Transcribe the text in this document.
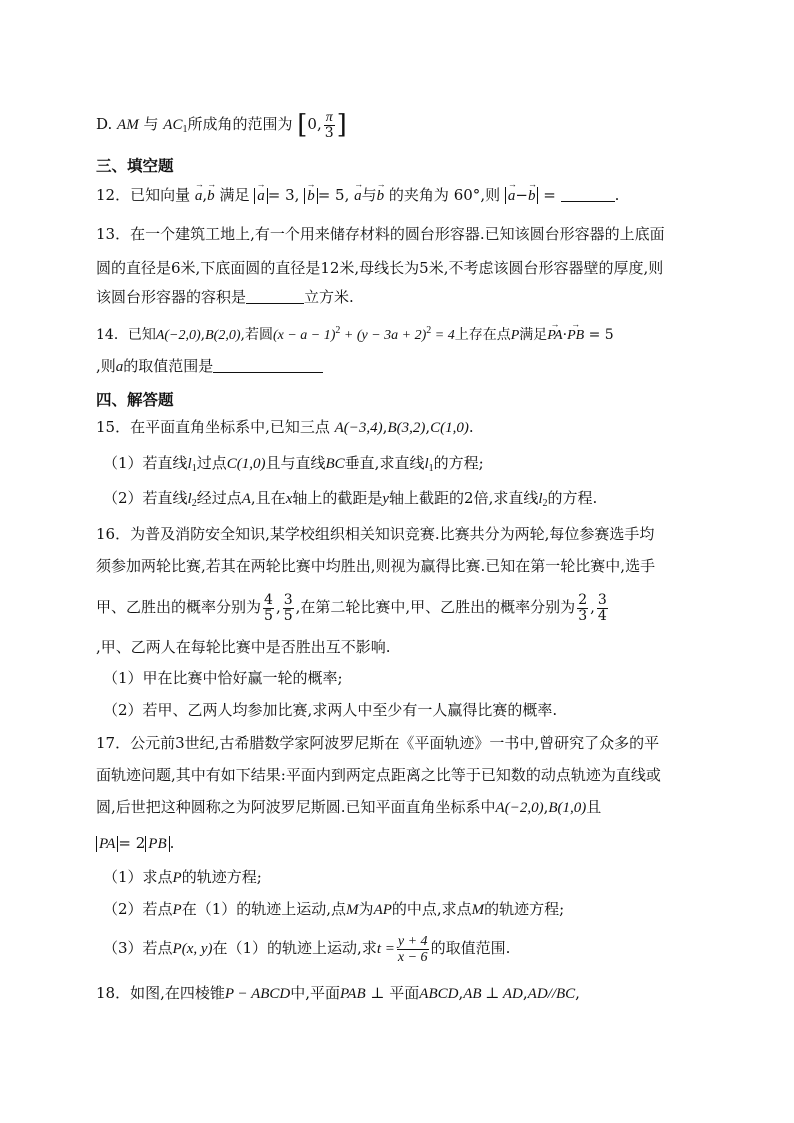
D. AM 与 $AC_1$所成角的范围为 [0, $\frac{\pi}{3}$ ]
三、填空题
12．已知向量 → a,→ b 满足 → a = 3, → b = 5, → a与→ b 的夹角为 60°,则 → a−→ b =	.
13．在一个建筑工地上,有一个用来储存材料的圆台形容器.已知该圆台形容器的上底面
圆的直径是6米,下底面圆的直径是12米,母线长为5米,不考虑该圆台形容器壁的厚度,则
该圆台形容器的容积是	立方米.
14．已知A(−2,0),B(2,0),若圆$(x - a - 1)^2 + (y - 3a + 2)^2 = 4$上存在点P满足→ PA·→ PB = 5
,则a的取值范围是
四、解答题
15．在平面直角坐标系中,已知三点 A(−3,4),B(3,2),C(1,0).
（1）若直线$l_1$过点C(1,0)且与直线BC垂直,求直线$l_1$的方程;
（2）若直线$l_2$经过点A,且在x轴上的截距是y轴上截距的2倍,求直线$l_2$的方程.
16．为普及消防安全知识,某学校组织相关知识竞赛.比赛共分为两轮,每位参赛选手均
须参加两轮比赛,若其在两轮比赛中均胜出,则视为赢得比赛.已知在第一轮比赛中,选手
甲、乙胜出的概率分别为 $\frac{4}{5}$ , $\frac{3}{5}$ ,在第二轮比赛中,甲、乙胜出的概率分别为 $\frac{2}{3}$ , $\frac{3}{4}$
,甲、乙两人在每轮比赛中是否胜出互不影响.
（1）甲在比赛中恰好赢一轮的概率;
（2）若甲、乙两人均参加比赛,求两人中至少有一人赢得比赛的概率.
17．公元前3世纪,古希腊数学家阿波罗尼斯在《平面轨迹》一书中,曾研究了众多的平
面轨迹问题,其中有如下结果:平面内到两定点距离之比等于已知数的动点轨迹为直线或
圆,后世把这种圆称之为阿波罗尼斯圆.已知平面直角坐标系中A(−2,0),B(1,0)且
PA = 2 PB .
（1）求点P的轨迹方程;
（2）若点P在（1）的轨迹上运动,点M为AP的中点,求点M的轨迹方程;
（3）若点P(x, y)在（1）的轨迹上运动,求$t = \frac{y + 4}{x - 6}$ 的取值范围.
18．如图,在四棱锥P − ABCD中,平面PAB ⊥ 平面ABCD,AB ⊥ AD,AD//BC,
